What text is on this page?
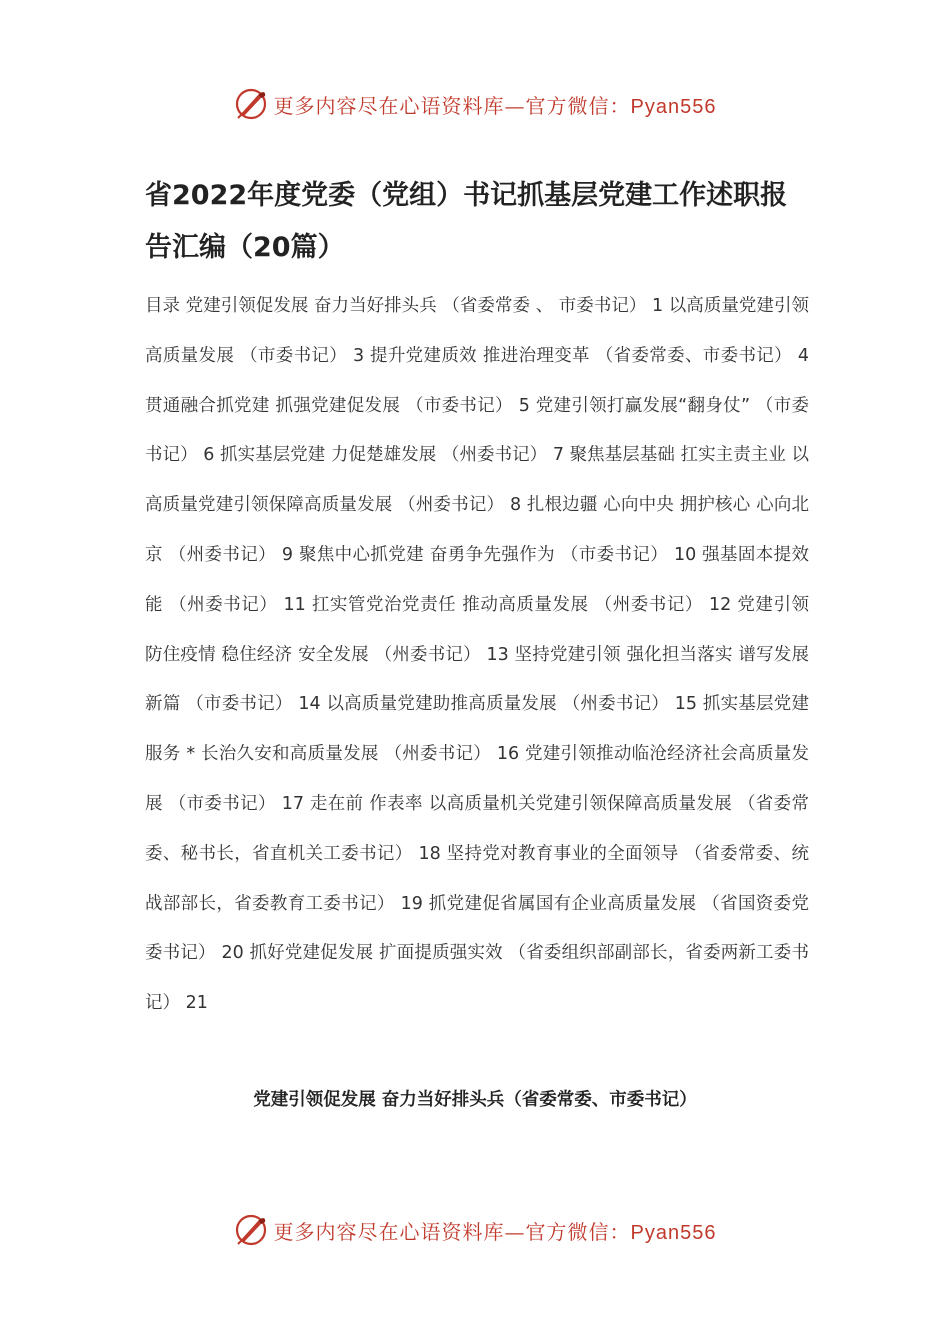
更多内容尽在心语资料库—官方微信：Pyan556
省2022年度党委（党组）书记抓基层党建工作述职报告汇编（20篇）

目录 党建引领促发展 奋力当好排头兵 （省委常委 、 市委书记） 1 以高质量党建引领高质量发展 （市委书记） 3 提升党建质效 推进治理变革 （省委常委、市委书记） 4 贯通融合抓党建 抓强党建促发展 （市委书记） 5 党建引领打赢发展“翻身仗” （市委书记） 6 抓实基层党建 力促楚雄发展 （州委书记） 7 聚焦基层基础 扛实主责主业 以高质量党建引领保障高质量发展 （州委书记） 8 扎根边疆 心向中央 拥护核心 心向北京 （州委书记） 9 聚焦中心抓党建 奋勇争先强作为 （市委书记） 10 强基固本提效能 （州委书记） 11 扛实管党治党责任 推动高质量发展 （州委书记） 12 党建引领 防住疫情 稳住经济 安全发展 （州委书记） 13 坚持党建引领 强化担当落实 谱写发展新篇 （市委书记） 14 以高质量党建助推高质量发展 （州委书记） 15 抓实基层党建 服务 * 长治久安和高质量发展 （州委书记） 16 党建引领推动临沧经济社会高质量发展 （市委书记） 17 走在前 作表率 以高质量机关党建引领保障高质量发展 （省委常委、秘书长，省直机关工委书记） 18 坚持党对教育事业的全面领导 （省委常委、统战部部长，省委教育工委书记） 19 抓党建促省属国有企业高质量发展 （省国资委党委书记） 20 抓好党建促发展 扩面提质强实效 （省委组织部副部长，省委两新工委书记） 21

党建引领促发展 奋力当好排头兵（省委常委、市委书记）

更多内容尽在心语资料库—官方微信：Pyan556
